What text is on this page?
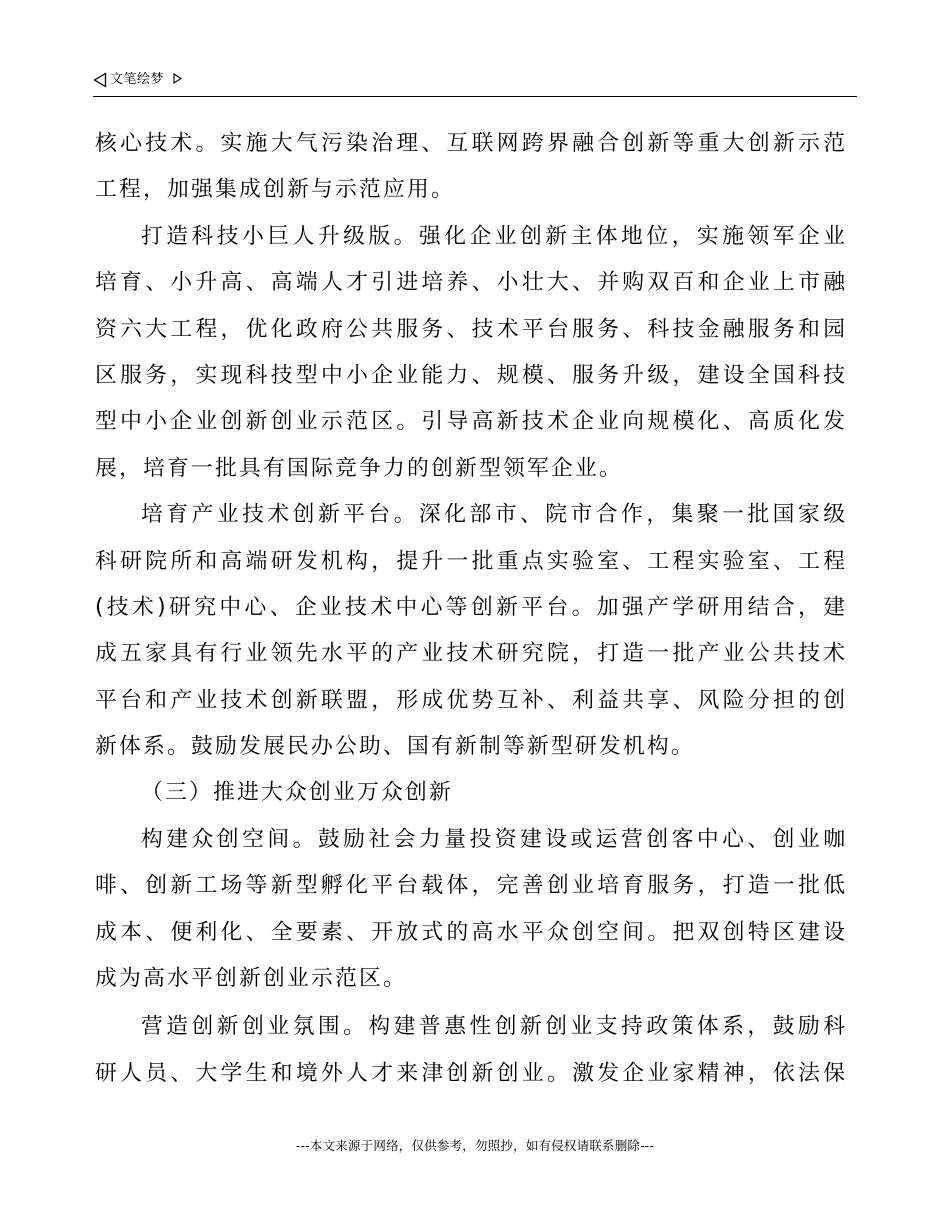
文笔绘梦
核心技术。实施大气污染治理、互联网跨界融合创新等重大创新示范
工程，加强集成创新与示范应用。
打造科技小巨人升级版。强化企业创新主体地位，实施领军企业
培育、小升高、高端人才引进培养、小壮大、并购双百和企业上市融
资六大工程，优化政府公共服务、技术平台服务、科技金融服务和园
区服务，实现科技型中小企业能力、规模、服务升级，建设全国科技
型中小企业创新创业示范区。引导高新技术企业向规模化、高质化发
展，培育一批具有国际竞争力的创新型领军企业。
培育产业技术创新平台。深化部市、院市合作，集聚一批国家级
科研院所和高端研发机构，提升一批重点实验室、工程实验室、工程
(技术)研究中心、企业技术中心等创新平台。加强产学研用结合，建
成五家具有行业领先水平的产业技术研究院，打造一批产业公共技术
平台和产业技术创新联盟，形成优势互补、利益共享、风险分担的创
新体系。鼓励发展民办公助、国有新制等新型研发机构。
（三）推进大众创业万众创新
构建众创空间。鼓励社会力量投资建设或运营创客中心、创业咖
啡、创新工场等新型孵化平台载体，完善创业培育服务，打造一批低
成本、便利化、全要素、开放式的高水平众创空间。把双创特区建设
成为高水平创新创业示范区。
营造创新创业氛围。构建普惠性创新创业支持政策体系，鼓励科
研人员、大学生和境外人才来津创新创业。激发企业家精神，依法保
---本文来源于网络，仅供参考，勿照抄，如有侵权请联系删除---
